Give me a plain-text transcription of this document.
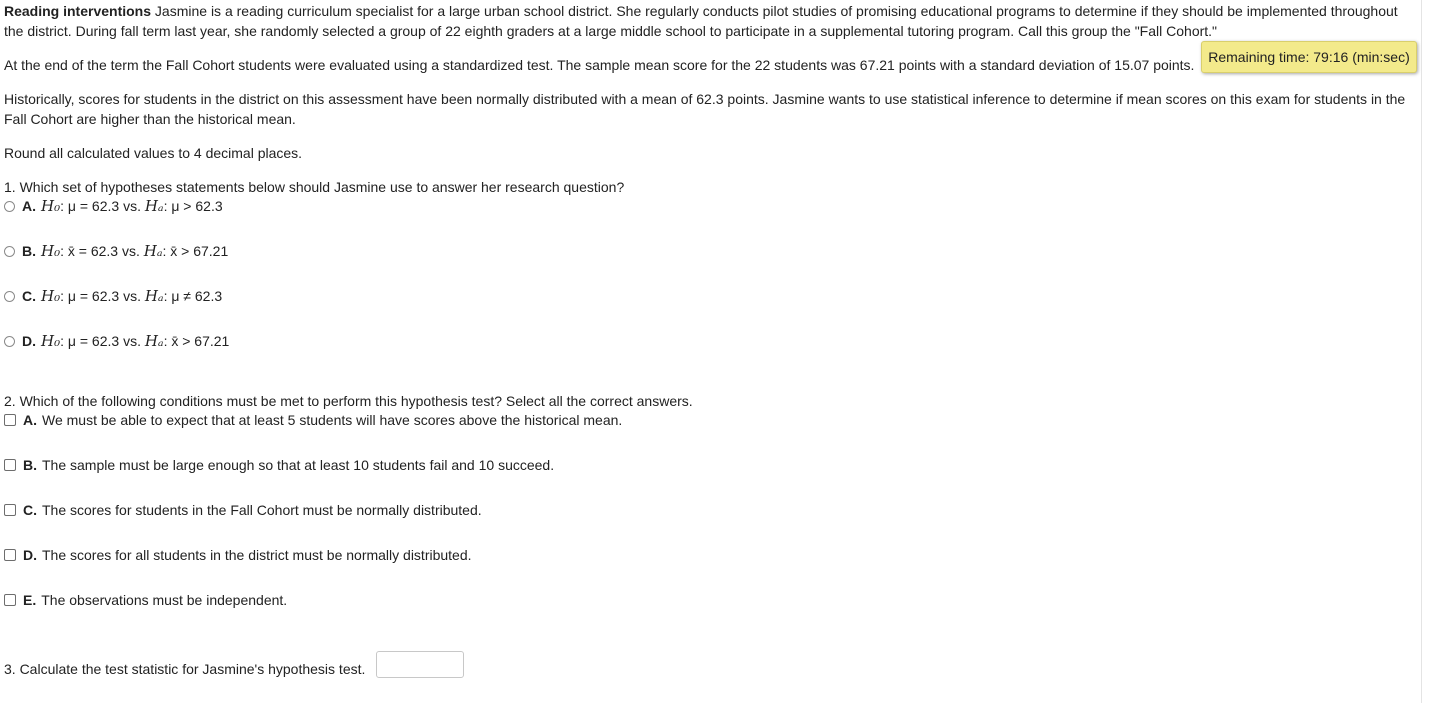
Reading interventions Jasmine is a reading curriculum specialist for a large urban school district. She regularly conducts pilot studies of promising educational programs to determine if they should be implemented throughout the district. During fall term last year, she randomly selected a group of 22 eighth graders at a large middle school to participate in a supplemental tutoring program. Call this group the "Fall Cohort."

Remaining time: 79:16 (min:sec)

At the end of the term the Fall Cohort students were evaluated using a standardized test. The sample mean score for the 22 students was 67.21 points with a standard deviation of 15.07 points.

Historically, scores for students in the district on this assessment have been normally distributed with a mean of 62.3 points. Jasmine wants to use statistical inference to determine if mean scores on this exam for students in the Fall Cohort are higher than the historical mean.

Round all calculated values to 4 decimal places.

1. Which set of hypotheses statements below should Jasmine use to answer her research question?
A. H₀: μ = 62.3 vs. Hₐ: μ > 62.3
B. H₀: x̄ = 62.3 vs. Hₐ: x̄ > 67.21
C. H₀: μ = 62.3 vs. Hₐ: μ ≠ 62.3
D. H₀: μ = 62.3 vs. Hₐ: x̄ > 67.21
2. Which of the following conditions must be met to perform this hypothesis test? Select all the correct answers.
A. We must be able to expect that at least 5 students will have scores above the historical mean.
B. The sample must be large enough so that at least 10 students fail and 10 succeed.
C. The scores for students in the Fall Cohort must be normally distributed.
D. The scores for all students in the district must be normally distributed.
E. The observations must be independent.
3. Calculate the test statistic for Jasmine's hypothesis test.
